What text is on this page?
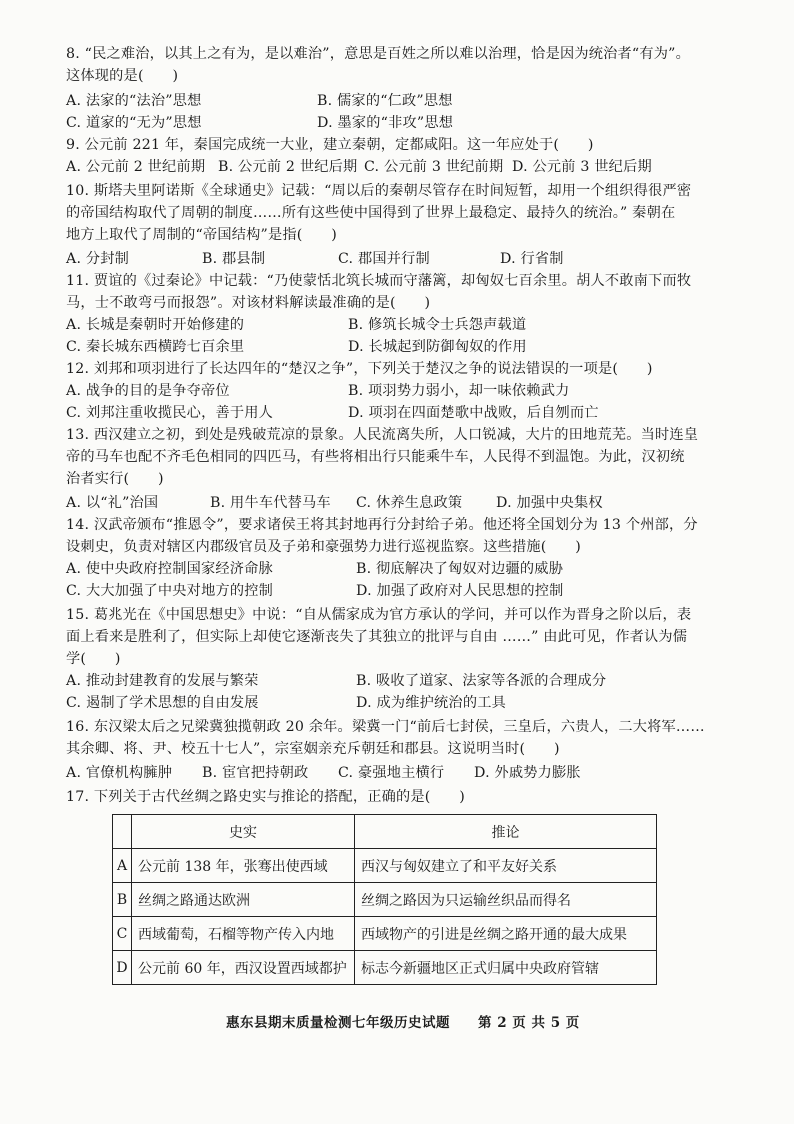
8. “民之难治，以其上之有为，是以难治”，意思是百姓之所以难以治理，恰是因为统治者“有为”。
这体现的是(　　)
A. 法家的“法治”思想	B. 儒家的“仁政”思想
C. 道家的“无为”思想	D. 墨家的“非攻”思想
9. 公元前 221 年，秦国完成统一大业，建立秦朝，定都咸阳。这一年应处于(　　)
A. 公元前 2 世纪前期 B. 公元前 2 世纪后期 C. 公元前 3 世纪前期 D. 公元前 3 世纪后期
10. 斯塔夫里阿诺斯《全球通史》记载：“周以后的秦朝尽管存在时间短暂，却用一个组织得很严密
的帝国结构取代了周朝的制度……所有这些使中国得到了世界上最稳定、最持久的统治。” 秦朝在
地方上取代了周制的“帝国结构”是指(　　)
A. 分封制	B. 郡县制	C. 郡国并行制	D. 行省制
11. 贾谊的《过秦论》中记载：“乃使蒙恬北筑长城而守藩篱，却匈奴七百余里。胡人不敢南下而牧
马，士不敢弯弓而报怨”。对该材料解读最准确的是(　　)
A. 长城是秦朝时开始修建的	B. 修筑长城令士兵怨声载道
C. 秦长城东西横跨七百余里	D. 长城起到防御匈奴的作用
12. 刘邦和项羽进行了长达四年的“楚汉之争”，下列关于楚汉之争的说法错误的一项是(　　)
A. 战争的目的是争夺帝位	B. 项羽势力弱小，却一味依赖武力
C. 刘邦注重收揽民心，善于用人	D. 项羽在四面楚歌中战败，后自刎而亡
13. 西汉建立之初，到处是残破荒凉的景象。人民流离失所，人口锐减，大片的田地荒芜。当时连皇
帝的马车也配不齐毛色相同的四匹马，有些将相出行只能乘牛车，人民得不到温饱。为此，汉初统
治者实行(　　)
A. 以“礼”治国	B. 用牛车代替马车 C. 休养生息政策 D. 加强中央集权
14. 汉武帝颁布“推恩令”，要求诸侯王将其封地再行分封给子弟。他还将全国划分为 13 个州部，分
设刺史，负责对辖区内郡级官员及子弟和豪强势力进行巡视监察。这些措施(　　)
A. 使中央政府控制国家经济命脉	B. 彻底解决了匈奴对边疆的威胁
C. 大大加强了中央对地方的控制	D. 加强了政府对人民思想的控制
15. 葛兆光在《中国思想史》中说：“自从儒家成为官方承认的学问，并可以作为晋身之阶以后，表
面上看来是胜利了，但实际上却使它逐渐丧失了其独立的批评与自由 ……” 由此可见，作者认为儒
学(　　)
A. 推动封建教育的发展与繁荣	B. 吸收了道家、法家等各派的合理成分
C. 遏制了学术思想的自由发展	D. 成为维护统治的工具
16. 东汉梁太后之兄梁冀独揽朝政 20 余年。梁冀一门“前后七封侯，三皇后，六贵人，二大将军……
其余卿、将、尹、校五十七人”，宗室姻亲充斥朝廷和郡县。这说明当时(　　)
A. 官僚机构臃肿 B. 宦官把持朝政 C. 豪强地主横行 D. 外戚势力膨胀
17. 下列关于古代丝绸之路史实与推论的搭配，正确的是(　　)
	史实	推论
A	公元前 138 年，张骞出使西域	西汉与匈奴建立了和平友好关系
B	丝绸之路通达欧洲	丝绸之路因为只运输丝织品而得名
C	西域葡萄，石榴等物产传入内地	西域物产的引进是丝绸之路开通的最大成果
D	公元前 60 年，西汉设置西域都护	标志今新疆地区正式归属中央政府管辖
惠东县期末质量检测七年级历史试题　　第 2 页 共 5 页
